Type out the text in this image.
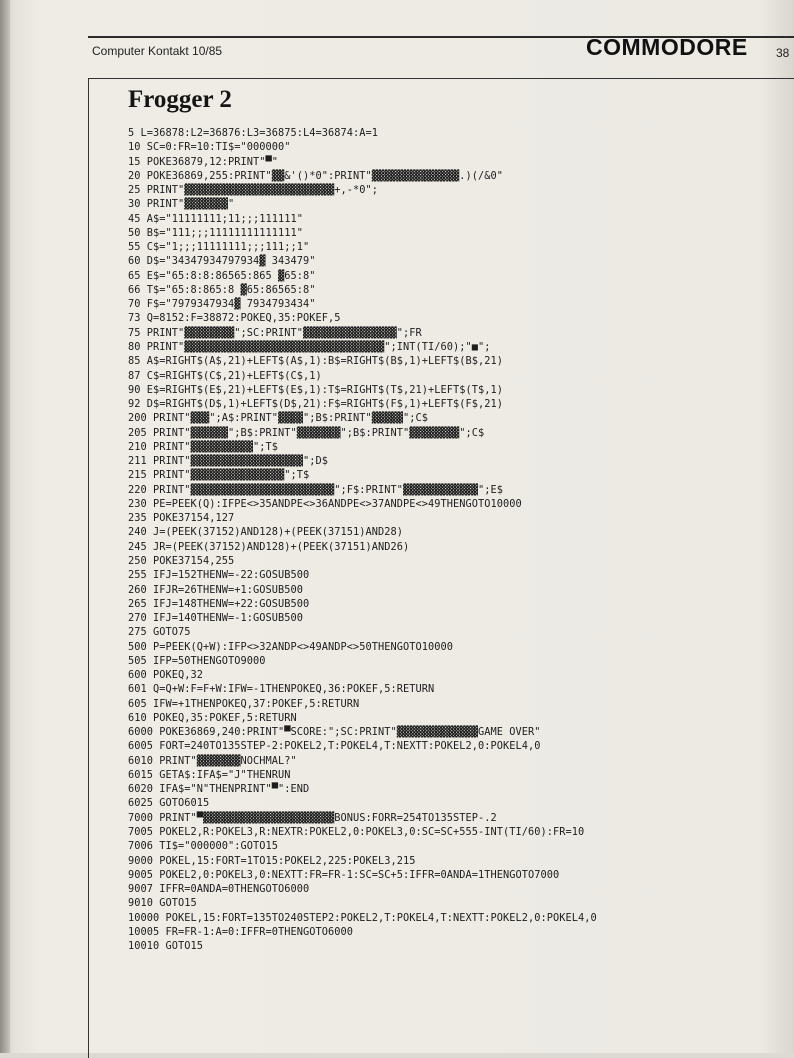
Computer Kontakt 10/85	COMMODORE 38
Frogger 2
5 L=36878:L2=36876:L3=36875:L4=36874:A=1
10 SC=0:FR=10:TI$="000000"
15 POKE36879,12:PRINT"▀"
20 POKE36869,255:PRINT"▓▓&'()*0":PRINT"▓▓▓▓▓▓▓▓▓▓▓▓▓▓.)(/&0"
25 PRINT"▓▓▓▓▓▓▓▓▓▓▓▓▓▓▓▓▓▓▓▓▓▓▓▓+,-*0";
30 PRINT"▓▓▓▓▓▓▓"
45 A$="11111111;11;;;111111"
50 B$="111;;;11111111111111"
55 C$="1;;;11111111;;;111;;1"
60 D$="34347934797934▓ 343479"
65 E$="65:8:8:86565:865 ▓65:8"
66 T$="65:8:865:8 ▓65:86565:8"
70 F$="7979347934▓ 7934793434"
73 Q=8152:F=38872:POKEQ,35:POKEF,5
75 PRINT"▓▓▓▓▓▓▓▓";SC:PRINT"▓▓▓▓▓▓▓▓▓▓▓▓▓▓▓";FR
80 PRINT"▓▓▓▓▓▓▓▓▓▓▓▓▓▓▓▓▓▓▓▓▓▓▓▓▓▓▓▓▓▓▓▓";INT(TI/60);"■";
85 A$=RIGHT$(A$,21)+LEFT$(A$,1):B$=RIGHT$(B$,1)+LEFT$(B$,21)
87 C$=RIGHT$(C$,21)+LEFT$(C$,1)
90 E$=RIGHT$(E$,21)+LEFT$(E$,1):T$=RIGHT$(T$,21)+LEFT$(T$,1)
92 D$=RIGHT$(D$,1)+LEFT$(D$,21):F$=RIGHT$(F$,1)+LEFT$(F$,21)
200 PRINT"▓▓▓";A$:PRINT"▓▓▓▓";B$:PRINT"▓▓▓▓▓";C$
205 PRINT"▓▓▓▓▓▓";B$:PRINT"▓▓▓▓▓▓▓";B$:PRINT"▓▓▓▓▓▓▓▓";C$
210 PRINT"▓▓▓▓▓▓▓▓▓▓";T$
211 PRINT"▓▓▓▓▓▓▓▓▓▓▓▓▓▓▓▓▓▓";D$
215 PRINT"▓▓▓▓▓▓▓▓▓▓▓▓▓▓▓";T$
220 PRINT"▓▓▓▓▓▓▓▓▓▓▓▓▓▓▓▓▓▓▓▓▓▓▓";F$:PRINT"▓▓▓▓▓▓▓▓▓▓▓▓";E$
230 PE=PEEK(Q):IFPE<>35ANDPE<>36ANDPE<>37ANDPE<>49THENGOTO10000
235 POKE37154,127
240 J=(PEEK(37152)AND128)+(PEEK(37151)AND28)
245 JR=(PEEK(37152)AND128)+(PEEK(37151)AND26)
250 POKE37154,255
255 IFJ=152THENW=-22:GOSUB500
260 IFJR=26THENW=+1:GOSUB500
265 IFJ=148THENW=+22:GOSUB500
270 IFJ=140THENW=-1:GOSUB500
275 GOTO75
500 P=PEEK(Q+W):IFP<>32ANDP<>49ANDP<>50THENGOTO10000
505 IFP=50THENGOTO9000
600 POKEQ,32
601 Q=Q+W:F=F+W:IFW=-1THENPOKEQ,36:POKEF,5:RETURN
605 IFW=+1THENPOKEQ,37:POKEF,5:RETURN
610 POKEQ,35:POKEF,5:RETURN
6000 POKE36869,240:PRINT"▀SCORE:";SC:PRINT"▓▓▓▓▓▓▓▓▓▓▓▓▓GAME OVER"
6005 FORT=240TO135STEP-2:POKEL2,T:POKEL4,T:NEXTT:POKEL2,0:POKEL4,0
6010 PRINT"▓▓▓▓▓▓▓NOCHMAL?"
6015 GETA$:IFA$="J"THENRUN
6020 IFA$="N"THENPRINT"▀":END
6025 GOTO6015
7000 PRINT"▀▓▓▓▓▓▓▓▓▓▓▓▓▓▓▓▓▓▓▓▓▓BONUS:FORR=254TO135STEP-.2
7005 POKEL2,R:POKEL3,R:NEXTR:POKEL2,0:POKEL3,0:SC=SC+555-INT(TI/60):FR=10
7006 TI$="000000":GOTO15
9000 POKEL,15:FORT=1TO15:POKEL2,225:POKEL3,215
9005 POKEL2,0:POKEL3,0:NEXTT:FR=FR-1:SC=SC+5:IFFR=0ANDA=1THENGOTO7000
9007 IFFR=0ANDA=0THENGOTO6000
9010 GOTO15
10000 POKEL,15:FORT=135TO240STEP2:POKEL2,T:POKEL4,T:NEXTT:POKEL2,0:POKEL4,0
10005 FR=FR-1:A=0:IFFR=0THENGOTO6000
10010 GOTO15
